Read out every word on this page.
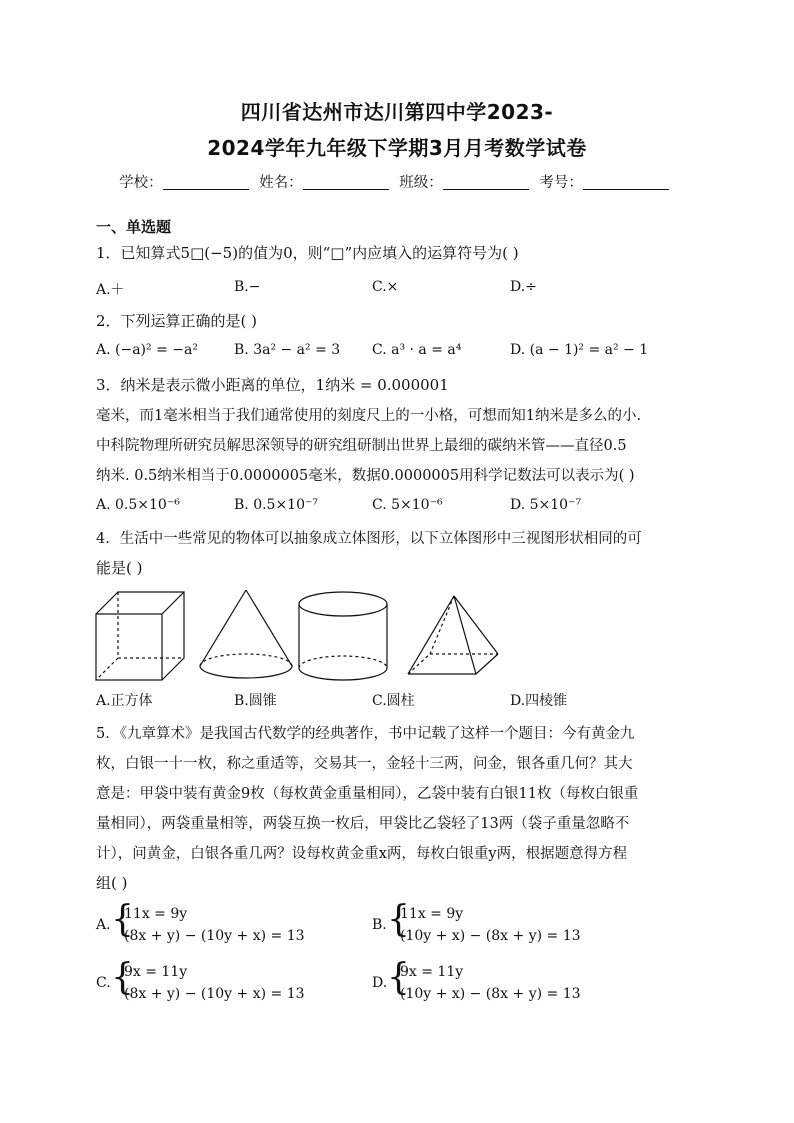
四川省达州市达川第四中学2023-
2024学年九年级下学期3月月考数学试卷
学校：	姓名：	班级：	考号：
一、单选题
1．已知算式5□(−5)的值为0，则“□”内应填入的运算符号为( )
A.＋	B.−	C.×	D.÷
2．下列运算正确的是( )
A. (−a)² = −a²	B. 3a² − a² = 3 C. a³ · a = a⁴	D. (a − 1)² = a² − 1
3．纳米是表示微小距离的单位，1纳米 = 0.000001
毫米，而1毫米相当于我们通常使用的刻度尺上的一小格，可想而知1纳米是多么的小.
中科院物理所研究员解思深领导的研究组研制出世界上最细的碳纳米管——直径0.5
纳米. 0.5纳米相当于0.0000005毫米，数据0.0000005用科学记数法可以表示为( )
A. 0.5×10⁻⁶	B. 0.5×10⁻⁷	C. 5×10⁻⁶	D. 5×10⁻⁷
4．生活中一些常见的物体可以抽象成立体图形，以下立体图形中三视图形状相同的可
能是( )
A.正方体	B.圆锥	C.圆柱	D.四棱锥
5．《九章算术》是我国古代数学的经典著作，书中记载了这样一个题目：今有黄金九
枚，白银一十一枚，称之重适等，交易其一，金轻十三两，问金，银各重几何？其大
意是：甲袋中装有黄金9枚（每枚黄金重量相同），乙袋中装有白银11枚（每枚白银重
量相同），两袋重量相等，两袋互换一枚后，甲袋比乙袋轻了13两（袋子重量忽略不
计），问黄金，白银各重几两？设每枚黄金重x两，每枚白银重y两，根据题意得方程
组( )
A. {
11x = 9y
(8x + y) − (10y + x) = 13
B. {
11x = 9y
(10y + x) − (8x + y) = 13
C. {
9x = 11y
(8x + y) − (10y + x) = 13
D. {
9x = 11y
(10y + x) − (8x + y) = 13
